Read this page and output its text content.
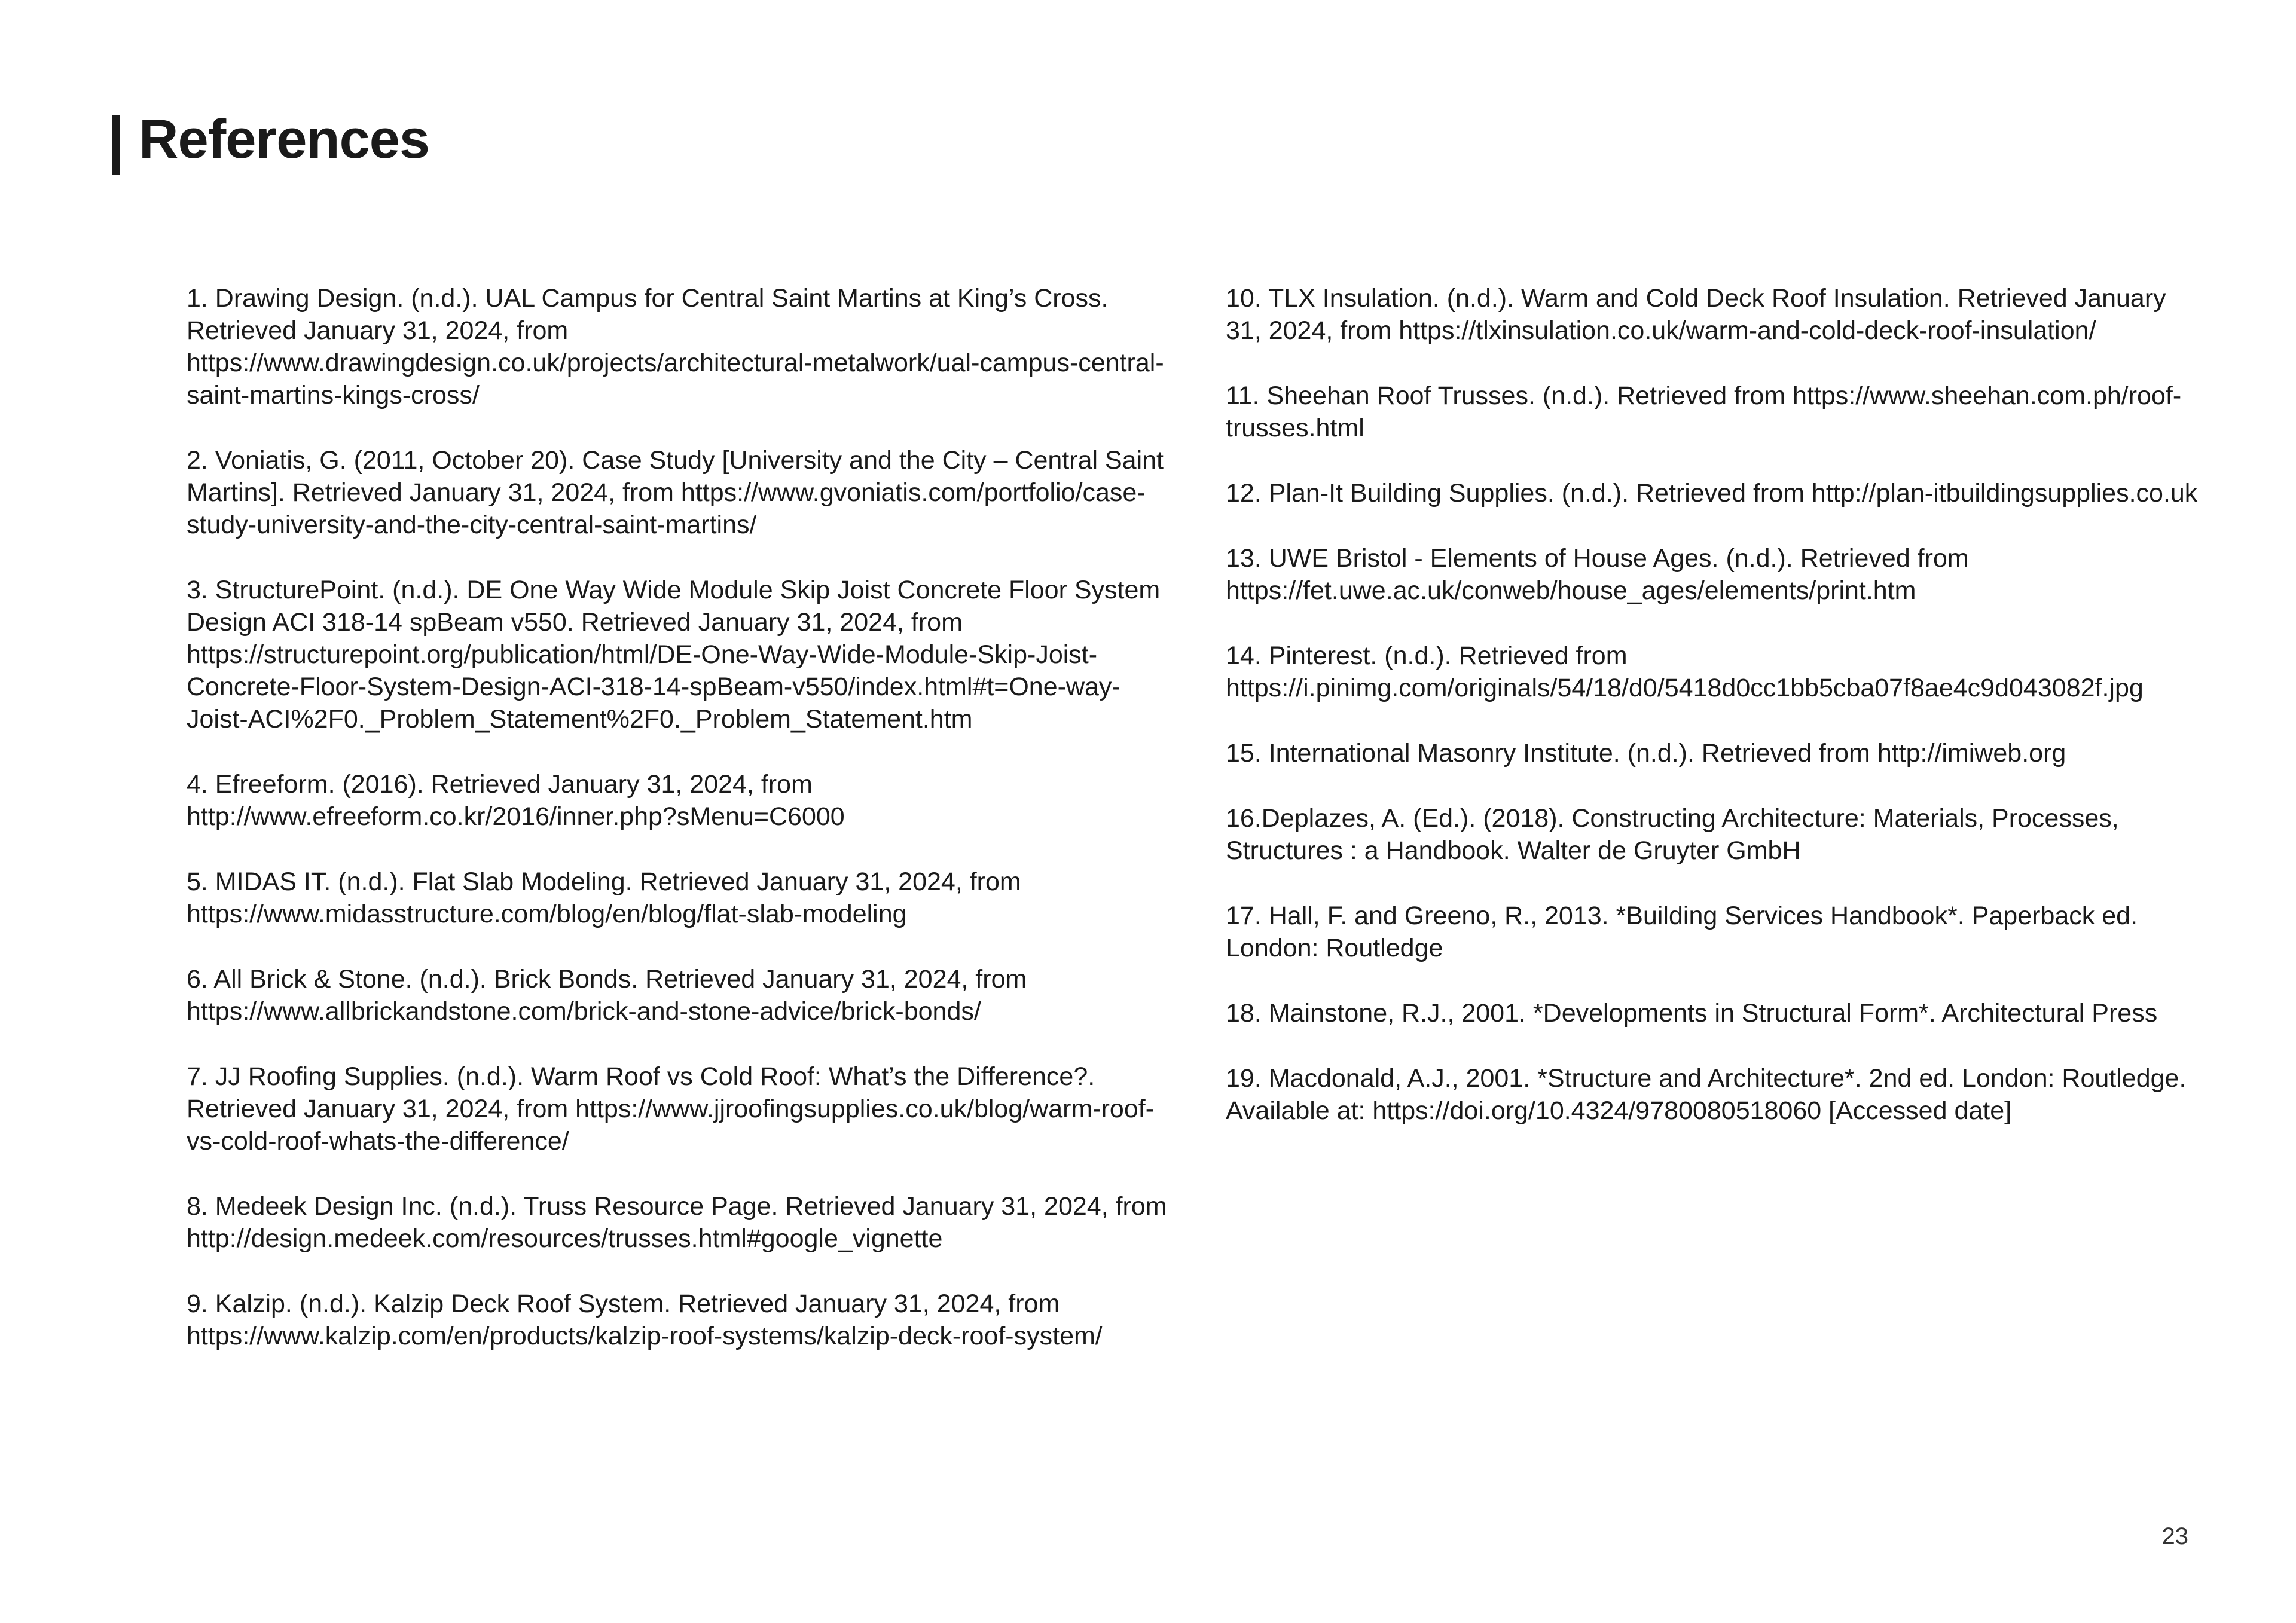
References
1. Drawing Design. (n.d.). UAL Campus for Central Saint Martins at King’s Cross. Retrieved January 31, 2024, from https://www.drawingdesign.co.uk/projects/architectural-metalwork/ual-campus-central-saint-martins-kings-cross/
2. Voniatis, G. (2011, October 20). Case Study [University and the City – Central Saint Martins]. Retrieved January 31, 2024, from https://www.gvoniatis.com/portfolio/case-study-university-and-the-city-central-saint-martins/
3. StructurePoint. (n.d.). DE One Way Wide Module Skip Joist Concrete Floor System Design ACI 318-14 spBeam v550. Retrieved January 31, 2024, from https://structurepoint.org/publication/html/DE-One-Way-Wide-Module-Skip-Joist-Concrete-Floor-System-Design-ACI-318-14-spBeam-v550/index.html#t=One-way-Joist-ACI%2F0._Problem_Statement%2F0._Problem_Statement.htm
4. Efreeform. (2016). Retrieved January 31, 2024, from http://www.efreeform.co.kr/2016/inner.php?sMenu=C6000
5. MIDAS IT. (n.d.). Flat Slab Modeling. Retrieved January 31, 2024, from https://www.midasstructure.com/blog/en/blog/flat-slab-modeling
6. All Brick & Stone. (n.d.). Brick Bonds. Retrieved January 31, 2024, from https://www.allbrickandstone.com/brick-and-stone-advice/brick-bonds/
7. JJ Roofing Supplies. (n.d.). Warm Roof vs Cold Roof: What’s the Difference?. Retrieved January 31, 2024, from https://www.jjroofingsupplies.co.uk/blog/warm-roof-vs-cold-roof-whats-the-difference/
8. Medeek Design Inc. (n.d.). Truss Resource Page. Retrieved January 31, 2024, from http://design.medeek.com/resources/trusses.html#google_vignette
9. Kalzip. (n.d.). Kalzip Deck Roof System. Retrieved January 31, 2024, from https://www.kalzip.com/en/products/kalzip-roof-systems/kalzip-deck-roof-system/
10. TLX Insulation. (n.d.). Warm and Cold Deck Roof Insulation. Retrieved January 31, 2024, from https://tlxinsulation.co.uk/warm-and-cold-deck-roof-insulation/
11. Sheehan Roof Trusses. (n.d.). Retrieved from https://www.sheehan.com.ph/roof-trusses.html
12. Plan-It Building Supplies. (n.d.). Retrieved from http://plan-itbuildingsupplies.co.uk
13. UWE Bristol - Elements of House Ages. (n.d.). Retrieved from https://fet.uwe.ac.uk/conweb/house_ages/elements/print.htm
14. Pinterest. (n.d.). Retrieved from https://i.pinimg.com/originals/54/18/d0/5418d0cc1bb5cba07f8ae4c9d043082f.jpg
15. International Masonry Institute. (n.d.). Retrieved from http://imiweb.org
16.Deplazes, A. (Ed.). (2018). Constructing Architecture: Materials, Processes, Structures : a Handbook. Walter de Gruyter GmbH
17. Hall, F. and Greeno, R., 2013. *Building Services Handbook*. Paperback ed. London: Routledge
18. Mainstone, R.J., 2001. *Developments in Structural Form*. Architectural Press
19. Macdonald, A.J., 2001. *Structure and Architecture*. 2nd ed. London: Routledge. Available at: https://doi.org/10.4324/9780080518060 [Accessed date]
23
